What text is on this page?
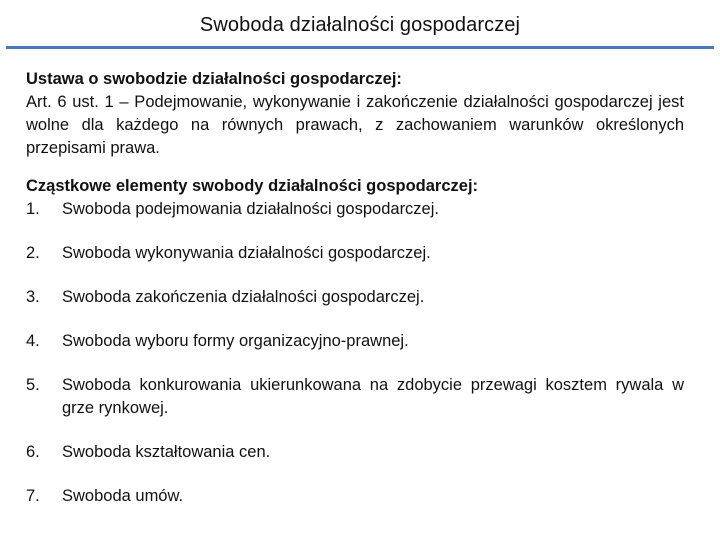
Swoboda działalności gospodarczej

Ustawa o swobodzie działalności gospodarczej:

Art. 6 ust. 1 – Podejmowanie, wykonywanie i zakończenie działalności gospodarczej jest wolne dla każdego na równych prawach, z zachowaniem warunków określonych przepisami prawa.

Cząstkowe elementy swobody działalności gospodarczej:

1.	Swoboda podejmowania działalności gospodarczej.
2.	Swoboda wykonywania działalności gospodarczej.
3.	Swoboda zakończenia działalności gospodarczej.
4.	Swoboda wyboru formy organizacyjno-prawnej.
5.	Swoboda konkurowania ukierunkowana na zdobycie przewagi kosztem rywala w grze rynkowej.
6.	Swoboda kształtowania cen.
7.	Swoboda umów.
